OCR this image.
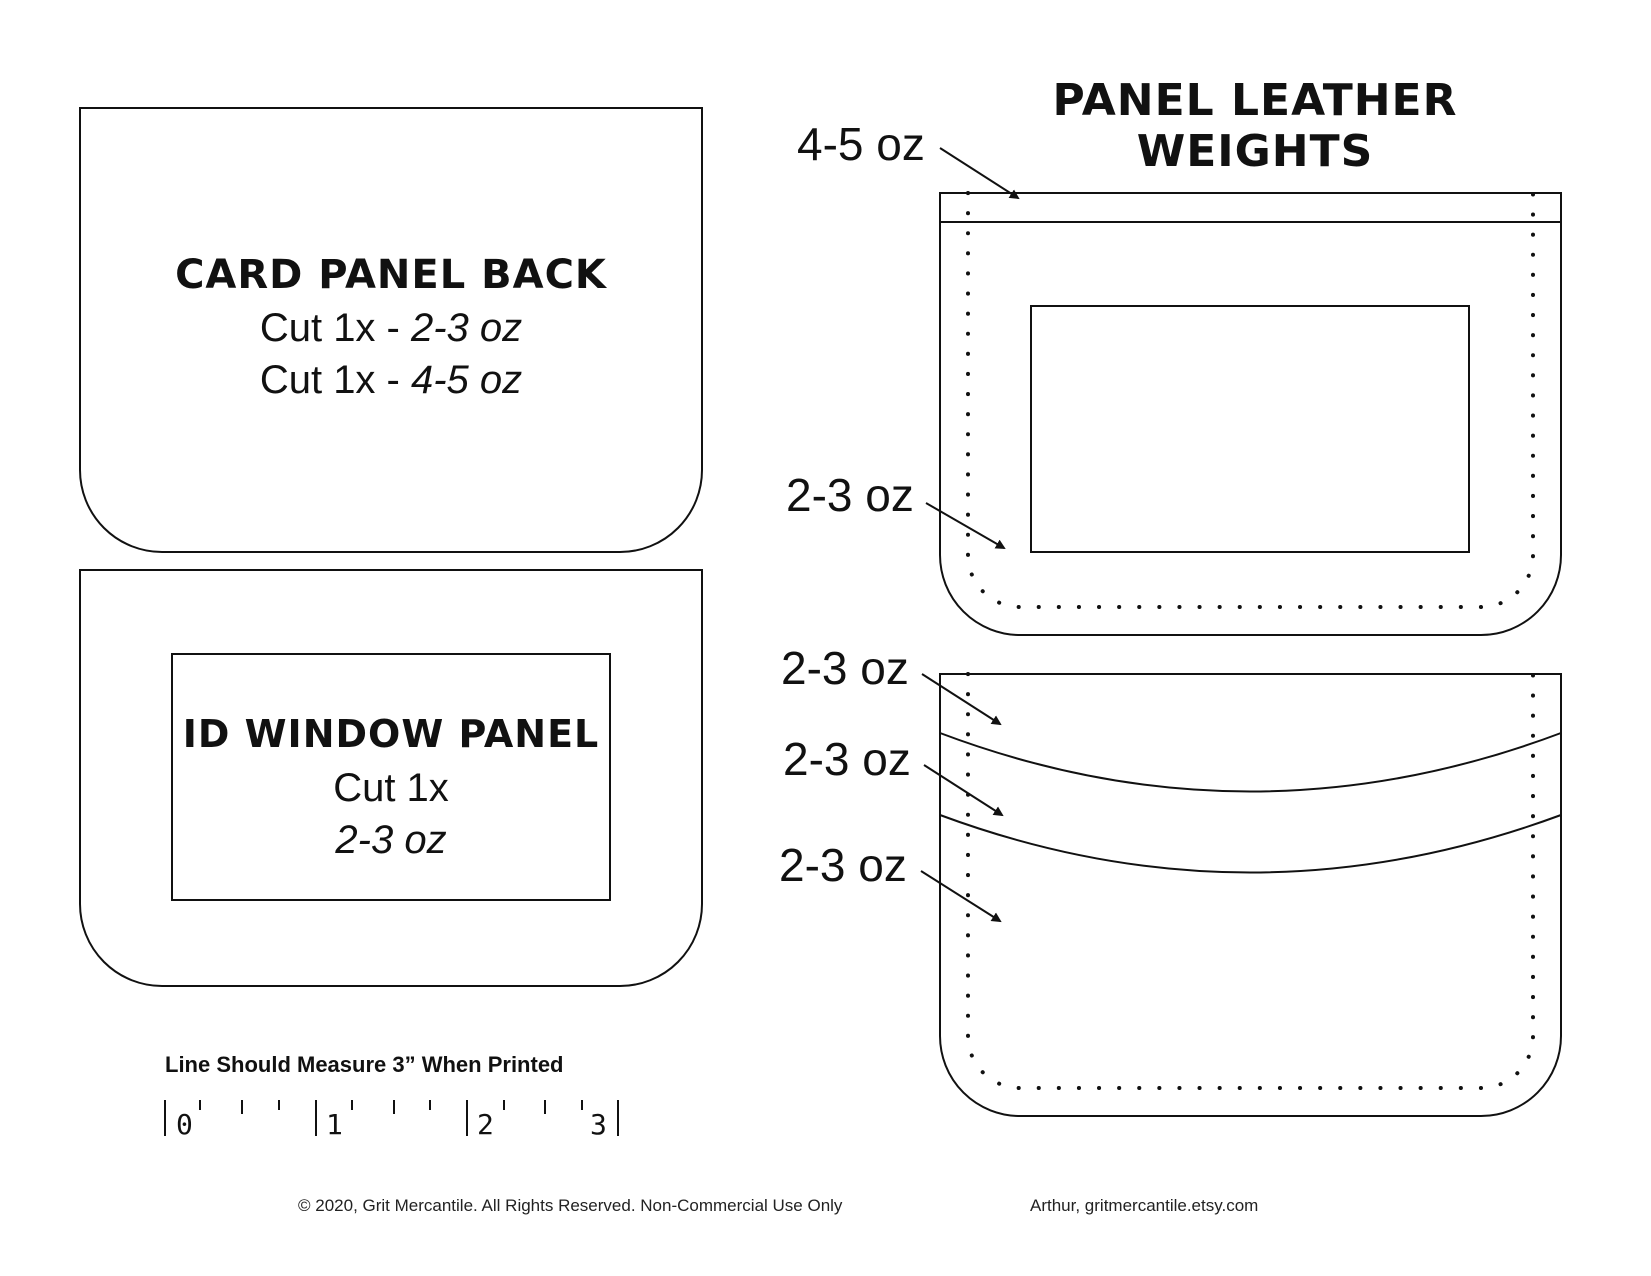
CARD PANEL BACK
Cut 1x - 2-3 oz
Cut 1x - 4-5 oz
ID WINDOW PANEL
Cut 1x
2-3 oz
PANEL LEATHER
WEIGHTS
4-5 oz
2-3 oz
2-3 oz
2-3 oz
2-3 oz
Line Should Measure 3” When Printed
0	1	2	3
© 2020, Grit Mercantile. All Rights Reserved. Non-Commercial Use Only	Arthur, gritmercantile.etsy.com
